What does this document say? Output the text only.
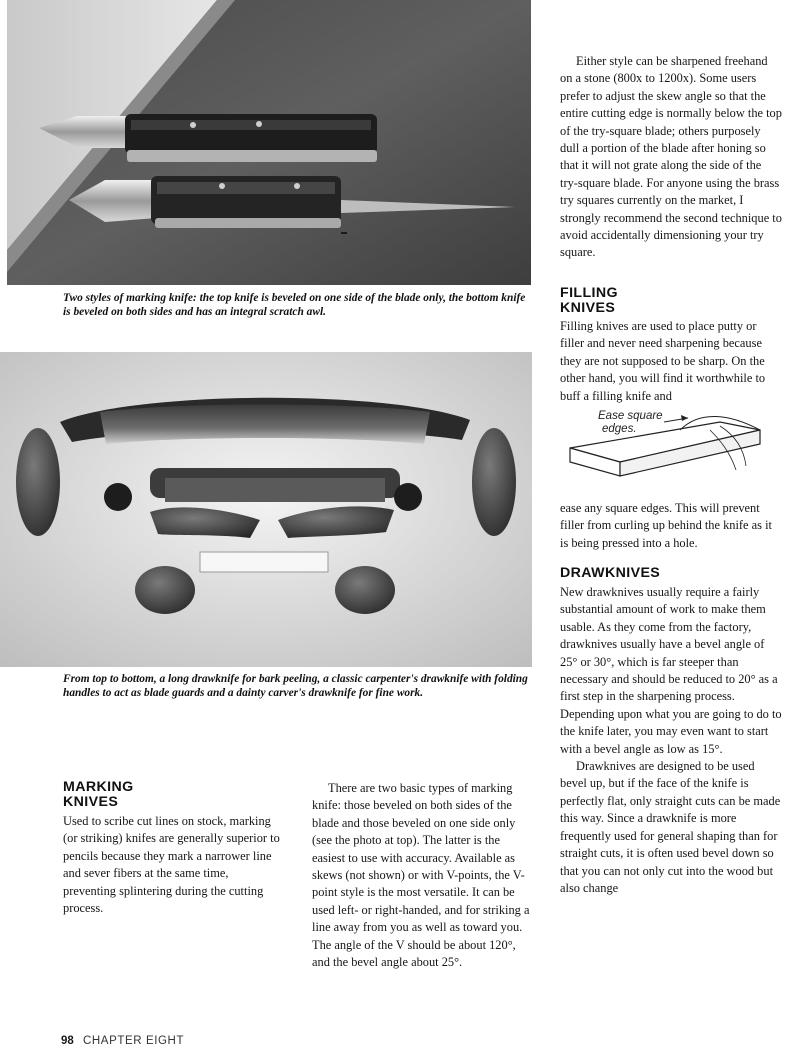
Two styles of marking knife: the top knife is beveled on one side of the blade only, the bottom knife is beveled on both sides and has an integral scratch awl.

From top to bottom, a long drawknife for bark peeling, a classic carpenter's drawknife with folding handles to act as blade guards and a dainty carver's drawknife for fine work.

Either style can be sharpened freehand on a stone (800x to 1200x). Some users prefer to adjust the skew angle so that the entire cutting edge is normally below the top of the try-square blade; others purposely dull a portion of the blade after honing so that it will not grate along the side of the try-square blade. For anyone using the brass try squares currently on the market, I strongly recommend the second technique to avoid accidentally dimensioning your try square.

FILLING
KNIVES

Filling knives are used to place putty or filler and never need sharpening because they are not supposed to be sharp. On the other hand, you will find it worthwhile to buff a filling knife and

Ease square
edges.

ease any square edges. This will prevent filler from curling up behind the knife as it is being pressed into a hole.

DRAWKNIVES

New drawknives usually require a fairly substantial amount of work to make them usable. As they come from the factory, drawknives usually have a bevel angle of 25° or 30°, which is far steeper than necessary and should be reduced to 20° as a first step in the sharpening process. Depending upon what you are going to do to the knife later, you may even want to start with a bevel angle as low as 15°.

Drawknives are designed to be used bevel up, but if the face of the knife is perfectly flat, only straight cuts can be made this way. Since a drawknife is more frequently used for general shaping than for straight cuts, it is often used bevel down so that you can not only cut into the wood but also change

MARKING
KNIVES

Used to scribe cut lines on stock, marking (or striking) knifes are generally superior to pencils because they mark a narrower line and sever fibers at the same time, preventing splintering during the cutting process.

There are two basic types of marking knife: those beveled on both sides of the blade and those beveled on one side only (see the photo at top). The latter is the easiest to use with accuracy. Available as skews (not shown) or with V-points, the V-point style is the most versatile. It can be used left- or right-handed, and for striking a line away from you as well as toward you. The angle of the V should be about 120°, and the bevel angle about 25°.

98 CHAPTER EIGHT
